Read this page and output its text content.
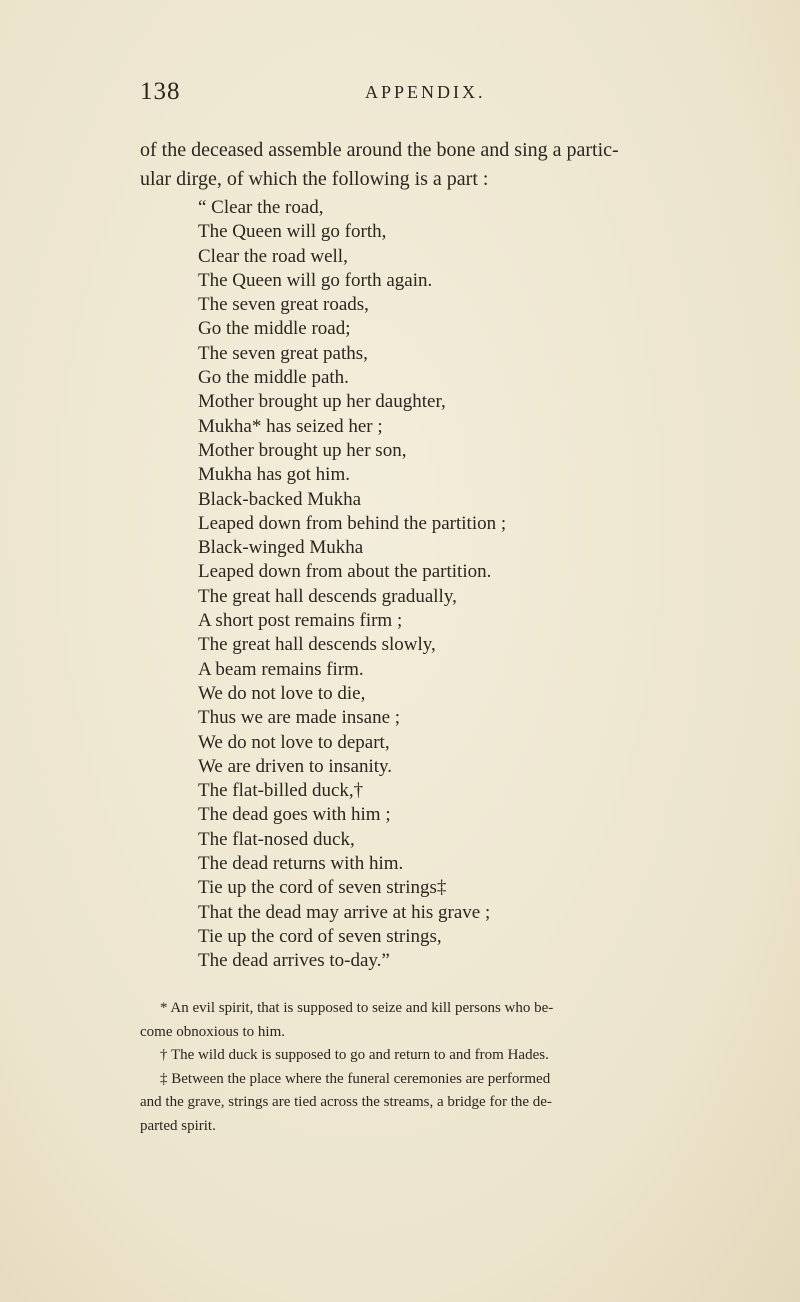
138	APPENDIX.

of the deceased assemble around the bone and sing a partic-
ular dirge, of which the following is a part :

“ Clear the road,
The Queen will go forth,
Clear the road well,
The Queen will go forth again.
The seven great roads,
Go the middle road;
The seven great paths,
Go the middle path.
Mother brought up her daughter,
Mukha* has seized her ;
Mother brought up her son,
Mukha has got him.
Black-backed Mukha
Leaped down from behind the partition ;
Black-winged Mukha
Leaped down from about the partition.
The great hall descends gradually,
A short post remains firm ;
The great hall descends slowly,
A beam remains firm.
We do not love to die,
Thus we are made insane ;
We do not love to depart,
We are driven to insanity.
The flat-billed duck,†
The dead goes with him ;
The flat-nosed duck,
The dead returns with him.
Tie up the cord of seven strings‡
That the dead may arrive at his grave ;
Tie up the cord of seven strings,
The dead arrives to-day.”
* An evil spirit, that is supposed to seize and kill persons who be-
come obnoxious to him.
† The wild duck is supposed to go and return to and from Hades.
‡ Between the place where the funeral ceremonies are performed
and the grave, strings are tied across the streams, a bridge for the de-
parted spirit.
